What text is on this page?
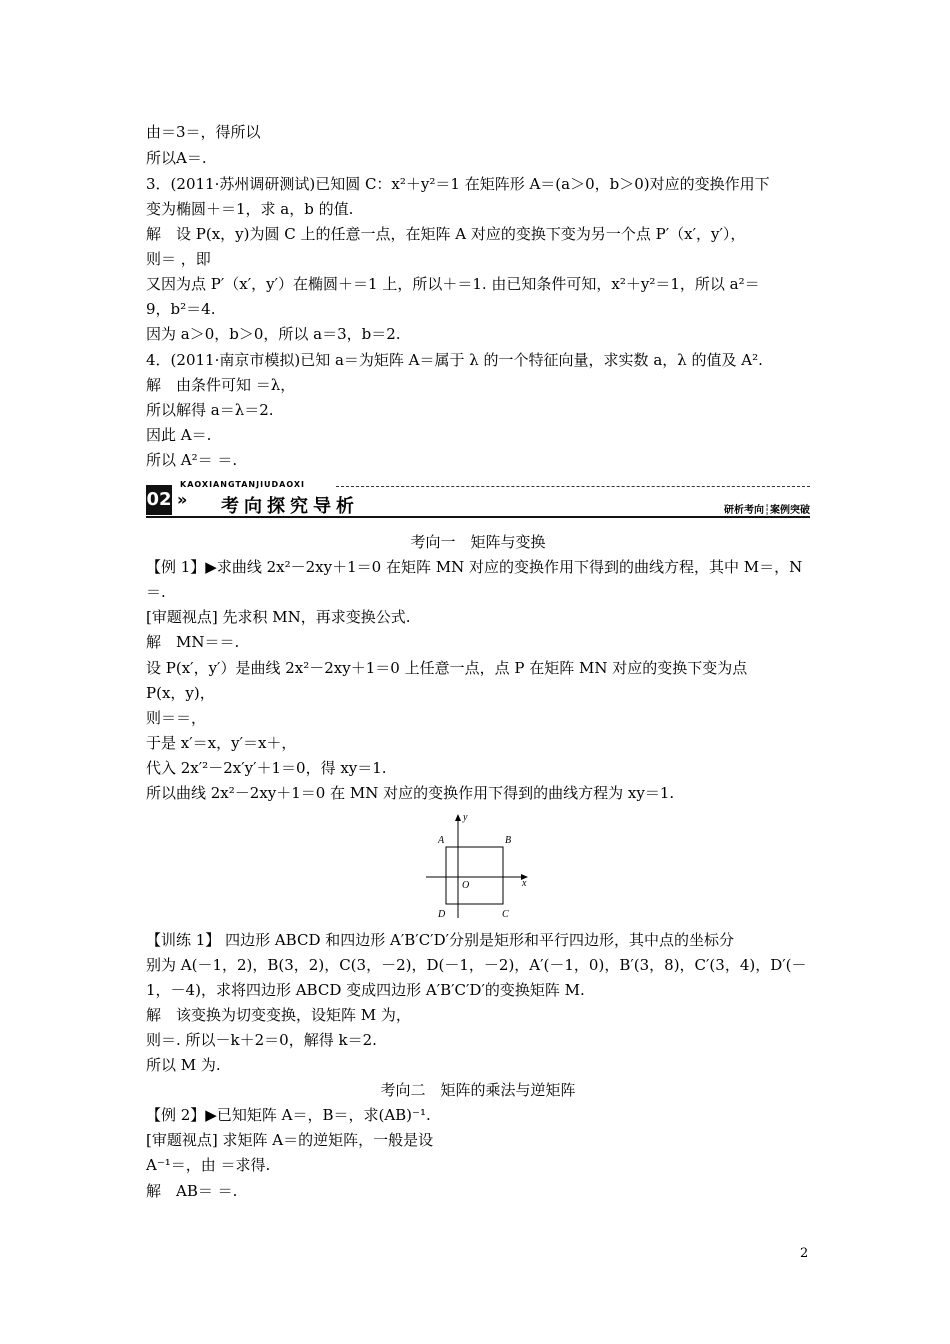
由＝3＝，得所以
所以A＝.
3．(2011·苏州调研测试)已知圆 C：x²＋y²＝1 在矩阵形 A＝(a＞0，b＞0)对应的变换作用下
变为椭圆＋＝1，求 a，b 的值.
解　设 P(x，y)为圆 C 上的任意一点，在矩阵 A 对应的变换下变为另一个点 P′（x′，y′），
则＝ ，即
又因为点 P′（x′，y′）在椭圆＋＝1 上，所以＋＝1. 由已知条件可知，x²＋y²＝1，所以 a²＝
9，b²＝4.
因为 a＞0，b＞0，所以 a＝3，b＝2.
4．(2011·南京市模拟)已知 a＝为矩阵 A＝属于 λ 的一个特征向量，求实数 a，λ 的值及 A².
解　由条件可知 ＝λ，
所以解得 a＝λ＝2.
因此 A＝.
所以 A²＝ ＝.
02
KAOXIANGTANJIUDAOXI
» 考向探究导析	研析考向┆案例突破
考向一　矩阵与变换
【例 1】▶求曲线 2x²－2xy＋1＝0 在矩阵 MN 对应的变换作用下得到的曲线方程，其中 M＝，N
＝.
[审题视点] 先求积 MN，再求变换公式.
解　MN＝＝.
设 P(x′，y′）是曲线 2x²－2xy＋1＝0 上任意一点，点 P 在矩阵 MN 对应的变换下变为点
P(x，y)，
则＝＝，
于是 x′＝x，y′＝x＋，
代入 2x′²－2x′y′＋1＝0，得 xy＝1.
所以曲线 2x²－2xy＋1＝0 在 MN 对应的变换作用下得到的曲线方程为 xy＝1.
A	B
C
D
O	x
y
【训练 1】 四边形 ABCD 和四边形 A′B′C′D′分别是矩形和平行四边形，其中点的坐标分
别为 A(－1，2)，B(3，2)，C(3，－2)，D(－1，－2)，A′(－1，0)，B′(3，8)，C′(3，4)，D′(－
1，－4)，求将四边形 ABCD 变成四边形 A′B′C′D′的变换矩阵 M.
解　该变换为切变变换，设矩阵 M 为，
则＝. 所以－k＋2＝0，解得 k＝2.
所以 M 为.
考向二　矩阵的乘法与逆矩阵
【例 2】▶已知矩阵 A＝，B＝，求(AB)⁻¹.
[审题视点] 求矩阵 A＝的逆矩阵，一般是设
A⁻¹＝，由 ＝求得.
解　AB＝ ＝.
2
